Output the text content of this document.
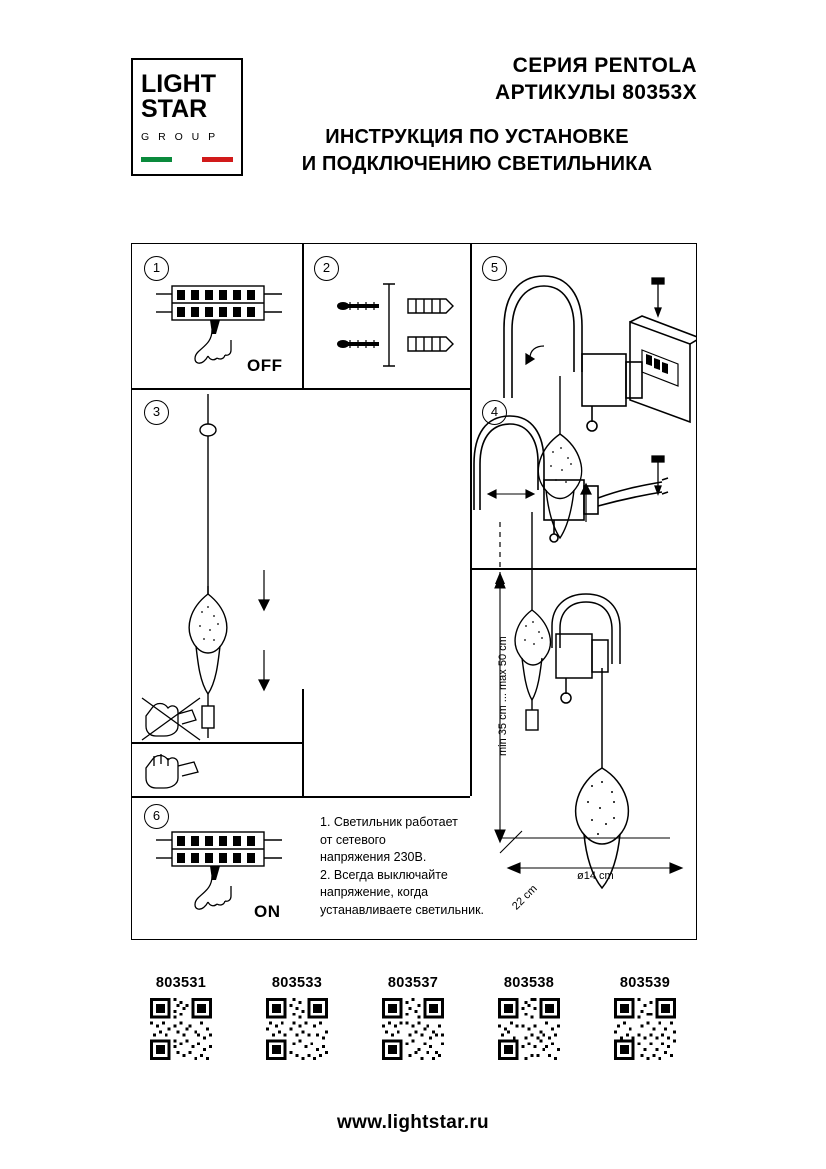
LIGHT
STAR
G R O U P
СЕРИЯ PENTOLA
АРТИКУЛЫ 80353X
ИНСТРУКЦИЯ ПО УСТАНОВКЕ
И ПОДКЛЮЧЕНИЮ СВЕТИЛЬНИКА
1
OFF
2
3	4
5
min 35 cm ... max 50 cm
22 cm
ø14 cm
6
ON
1. Светильник работает
от сетевого
напряжения 230В.
2. Всегда выключайте
напряжение, когда
устанавливаете светильник.
803531	803533	803537	803538	803539
www.lightstar.ru
